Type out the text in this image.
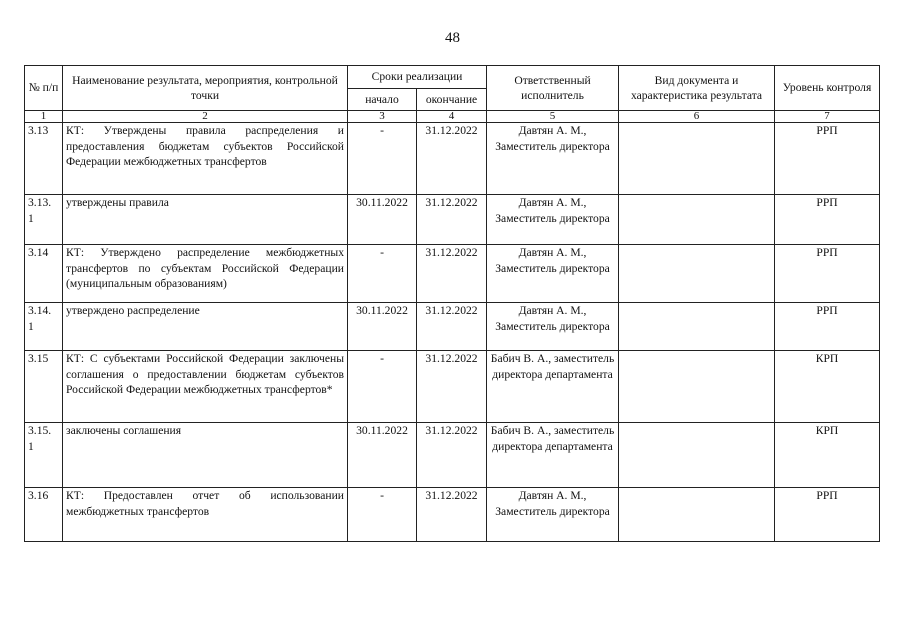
48
№ п/п	Наименование результата, мероприятия, контрольной точки	Сроки реализации		Ответственный исполнитель	Вид документа и характеристика результата	Уровень контроля
		начало	окончание			
1	2	3	4	5	6	7
3.13	КТ: Утверждены правила распределения и предоставления бюджетам субъектов Российской Федерации межбюджетных трансфертов	-	31.12.2022	Давтян А. М., Заместитель директора		РРП
3.13. 1	утверждены правила	30.11.2022	31.12.2022	Давтян А. М., Заместитель директора		РРП
3.14	КТ: Утверждено распределение межбюджетных трансфертов по субъектам Российской Федерации (муниципальным образованиям)	-	31.12.2022	Давтян А. М., Заместитель директора		РРП
3.14. 1	утверждено распределение	30.11.2022	31.12.2022	Давтян А. М., Заместитель директора		РРП
3.15	КТ: С субъектами Российской Федерации заключены соглашения о предоставлении бюджетам субъектов Российской Федерации межбюджетных трансфертов*	-	31.12.2022	Бабич В. А., заместитель директора департамента		КРП
3.15. 1	заключены соглашения	30.11.2022	31.12.2022	Бабич В. А., заместитель директора департамента		КРП
3.16	КТ: Предоставлен отчет об использовании межбюджетных трансфертов	-	31.12.2022	Давтян А. М., Заместитель директора		РРП
